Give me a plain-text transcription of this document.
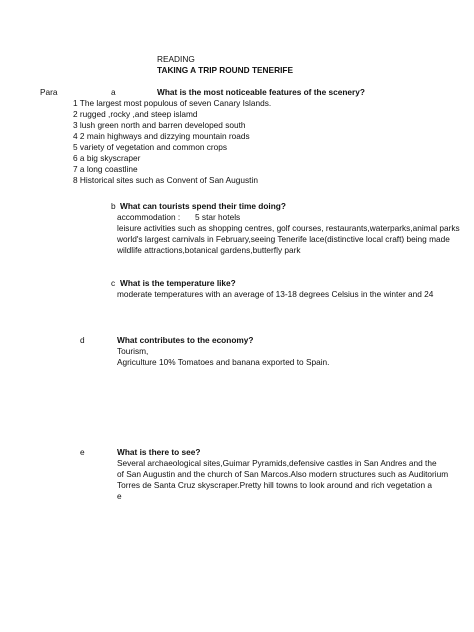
READING
TAKING A TRIP ROUND TENERIFE
Para	a	What is the most noticeable features of the scenery?
1 The largest most populous of seven Canary Islands.
2 rugged ,rocky ,and steep islamd
3 lush green north and barren developed south
4 2 main highways and dizzying mountain roads
5 variety of vegetation and common crops
6 a big skyscraper
7 a long coastline
8 Historical sites such as Convent of San Augustin
b What can tourists spend their time doing?
accommodation : 5 star hotels
leisure activities such as shopping centres, golf courses, restaurants,waterparks,animal parks
world's largest carnivals in February,seeing Tenerife lace(distinctive local craft) being made
wildlife attractions,botanical gardens,butterfly park
c What is the temperature like?
moderate temperatures with an average of 13-18 degrees Celsius in the winter and 24
d	What contributes to the economy?
Tourism,
Agriculture 10% Tomatoes and banana exported to Spain.
e	What is there to see?
Several archaeological sites,Guimar Pyramids,defensive castles in San Andres and the
of San Augustin and the church of San Marcos.Also modern structures such as Auditorium
Torres de Santa Cruz skyscraper.Pretty hill towns to look around and rich vegetation a
e
